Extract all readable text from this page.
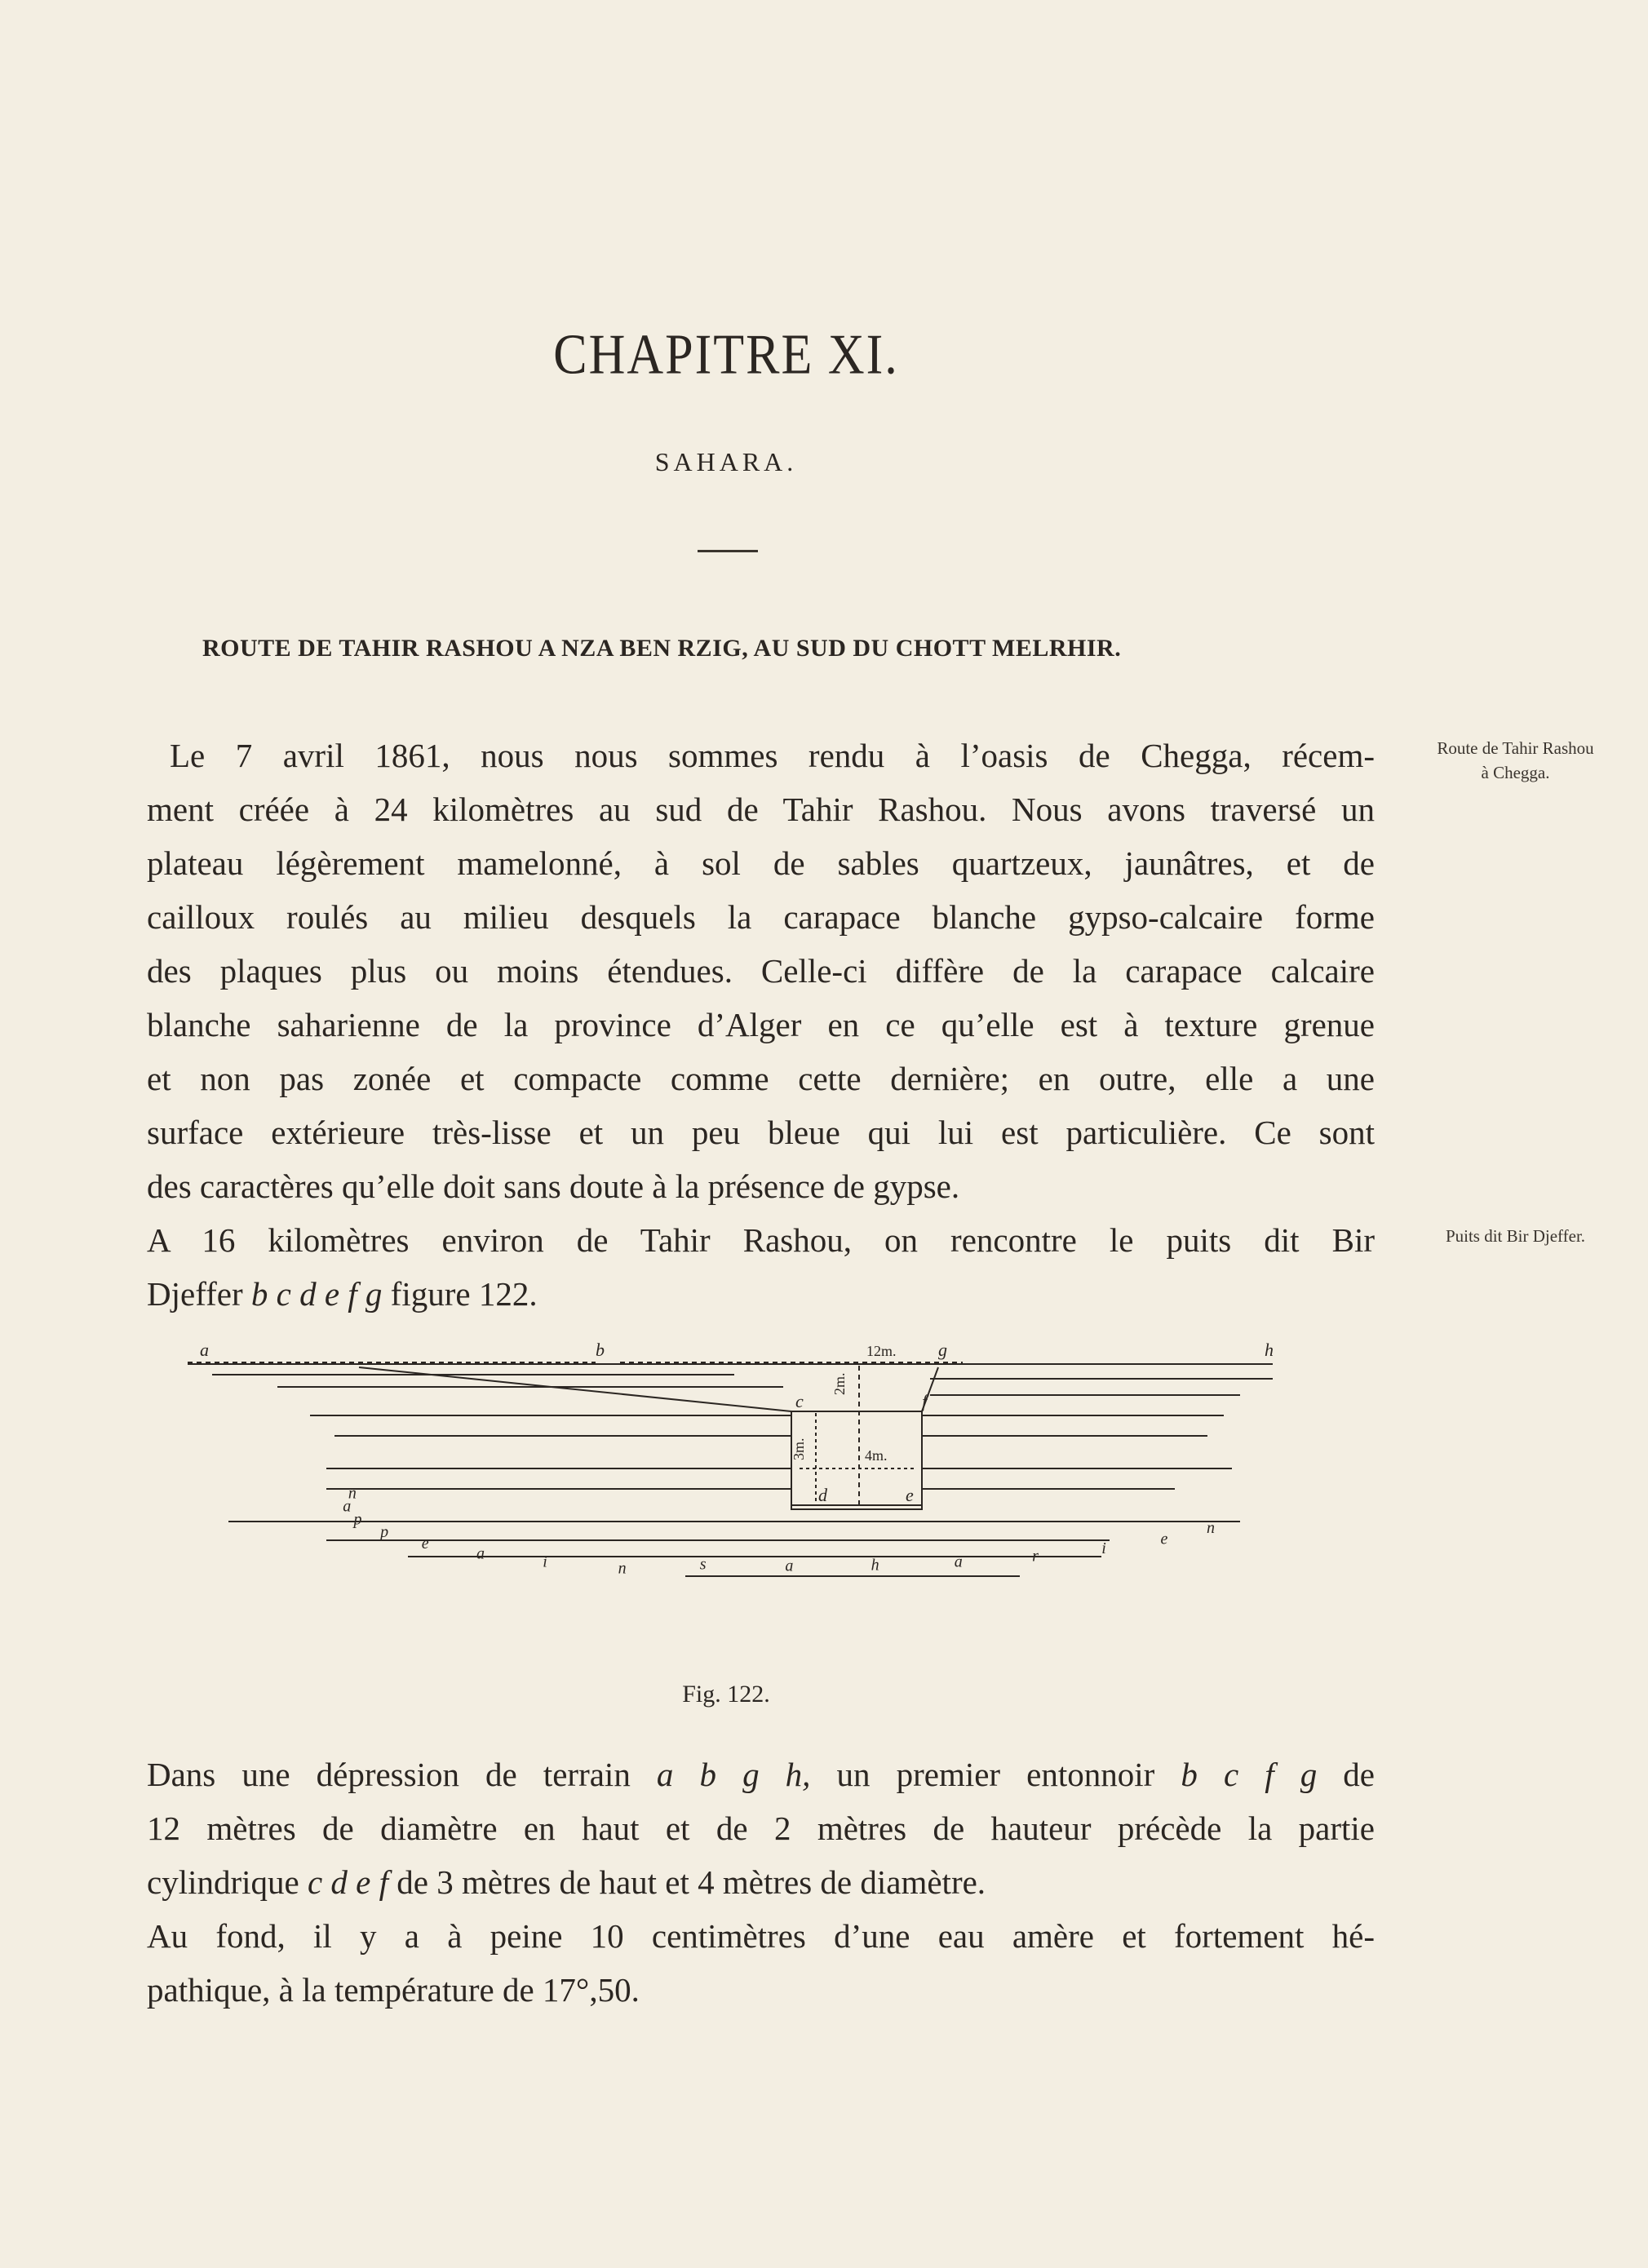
CHAPITRE XI.
SAHARA.
ROUTE DE TAHIR RASHOU A NZA BEN RZIG, AU SUD DU CHOTT MELRHIR.
Le 7 avril 1861, nous nous sommes rendu à l’oasis de Chegga, récem-
ment créée à 24 kilomètres au sud de Tahir Rashou. Nous avons traversé un
plateau légèrement mamelonné, à sol de sables quartzeux, jaunâtres, et de
cailloux roulés au milieu desquels la carapace blanche gypso-calcaire forme
des plaques plus ou moins étendues. Celle-ci diffère de la carapace calcaire
blanche saharienne de la province d’Alger en ce qu’elle est à texture grenue
et non pas zonée et compacte comme cette dernière; en outre, elle a une
surface extérieure très-lisse et un peu bleue qui lui est particulière. Ce sont
des caractères qu’elle doit sans doute à la présence de gypse.
A 16 kilomètres environ de Tahir Rashou, on rencontre le puits dit Bir
Djeffer b c d e f g figure 122.
Route de Tahir Rashou
à Chegga.
Puits dit Bir Djeffer.
a	b	g	h
c	f
d	e
12m.
4m.
2m.
3m.
n
a
p
p
e
a	i	n	s	a	h	a	r	i
e
n
Fig. 122.
Dans une dépression de terrain a b g h, un premier entonnoir b c f g de
12 mètres de diamètre en haut et de 2 mètres de hauteur précède la partie
cylindrique c d e f de 3 mètres de haut et 4 mètres de diamètre.
Au fond, il y a à peine 10 centimètres d’une eau amère et fortement hé-
pathique, à la température de 17°,50.
